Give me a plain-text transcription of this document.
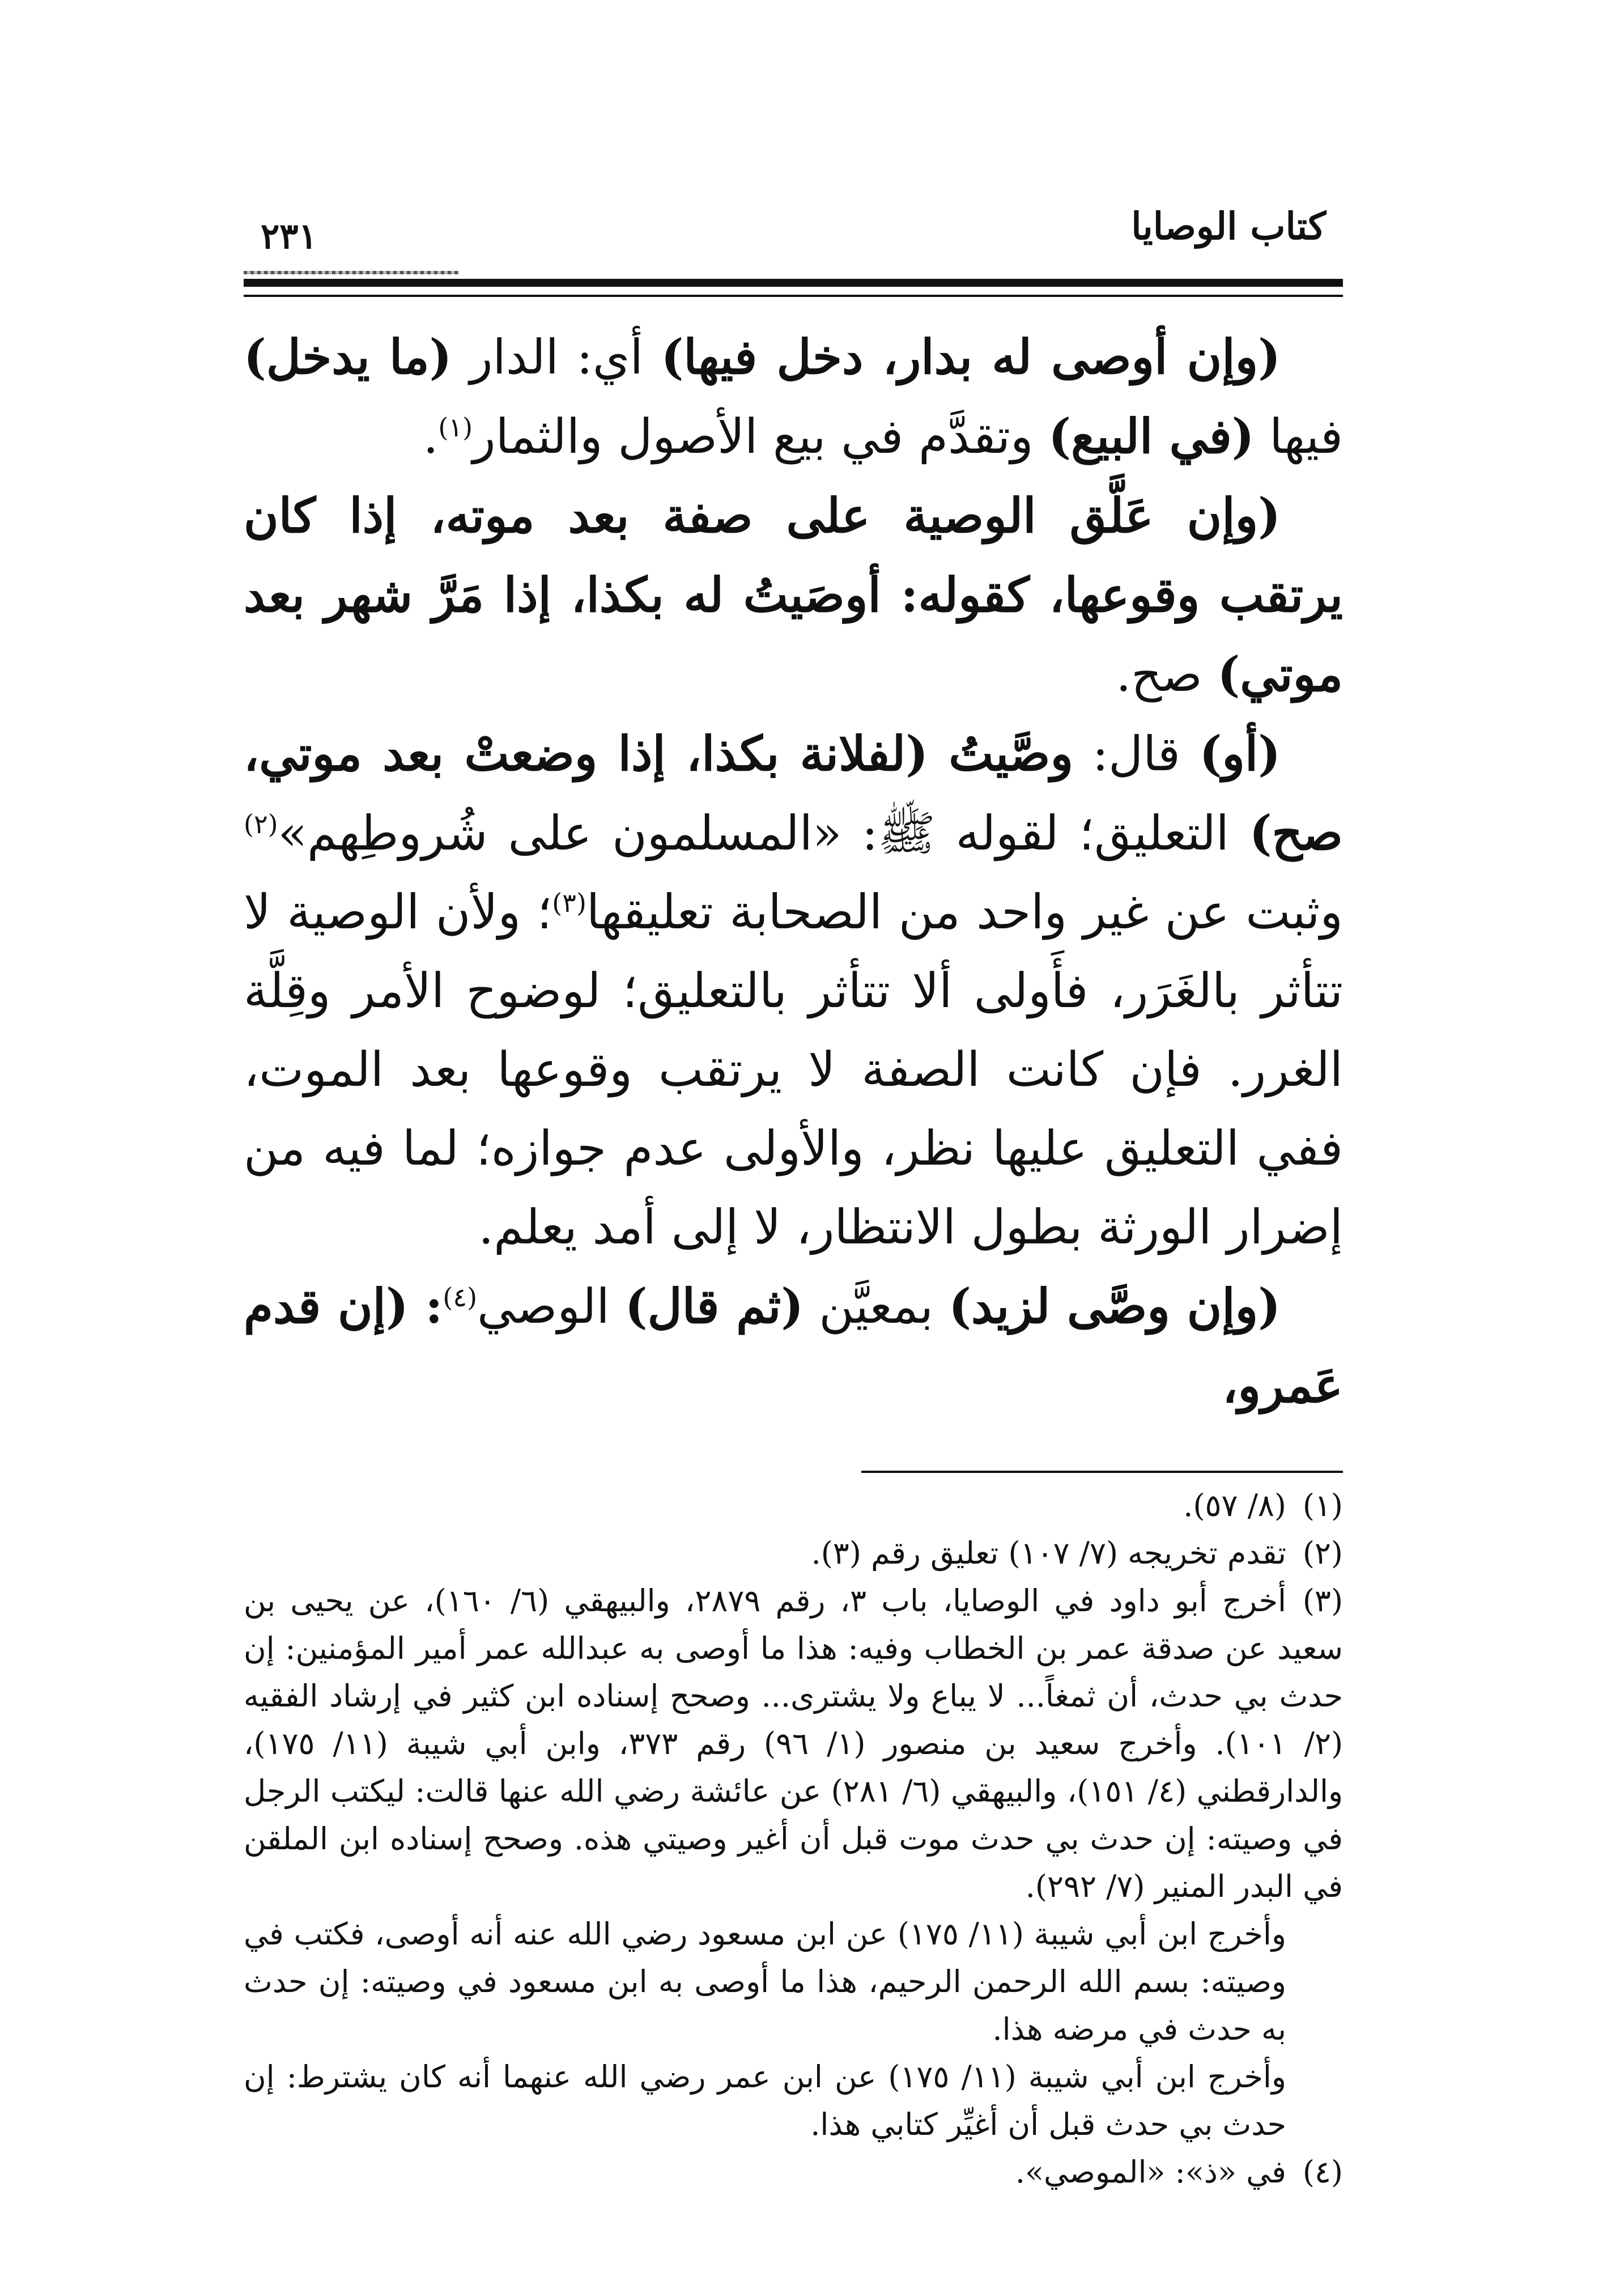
كتاب الوصايا
٢٣١

(وإن أوصى له بدار، دخل فيها) أي: الدار (ما يدخل) فيها (في البيع) وتقدَّم في بيع الأصول والثمار$^{(١)}$.

(وإن عَلَّق الوصية على صفة بعد موته، إذا كان يرتقب وقوعها، كقوله: أوصَيتُ له بكذا، إذا مَرَّ شهر بعد موتي) صح.

(أو) قال: وصَّيتُ (لفلانة بكذا، إذا وضعتْ بعد موتي، صح) التعليق؛ لقوله ﷺ: «المسلمون على شُروطِهم»$^{(٢)}$ وثبت عن غير واحد من الصحابة تعليقها$^{(٣)}$؛ ولأن الوصية لا تتأثر بالغَرَر، فأَولى ألا تتأثر بالتعليق؛ لوضوح الأمر وقِلَّة الغرر. فإن كانت الصفة لا يرتقب وقوعها بعد الموت، ففي التعليق عليها نظر، والأولى عدم جوازه؛ لما فيه من إضرار الورثة بطول الانتظار، لا إلى أمد يعلم.

(وإن وصَّى لزيد) بمعيَّن (ثم قال) الوصي$^{(٤)}$: (إن قدم عَمرو،

(١)(٨/ ٥٧).

(٢)تقدم تخريجه (٧/ ١٠٧) تعليق رقم (٣).

(٣)أخرج أبو داود في الوصايا، باب ٣، رقم ٢٨٧٩، والبيهقي (٦/ ١٦٠)، عن يحيى بن سعيد عن صدقة عمر بن الخطاب وفيه: هذا ما أوصى به عبدالله عمر أمير المؤمنين: إن حدث بي حدث، أن ثمغاً... لا يباع ولا يشترى... وصحح إسناده ابن كثير في إرشاد الفقيه (٢/ ١٠١). وأخرج سعيد بن منصور (١/ ٩٦) رقم ٣٧٣، وابن أبي شيبة (١١/ ١٧٥)، والدارقطني (٤/ ١٥١)، والبيهقي (٦/ ٢٨١) عن عائشة رضي الله عنها قالت: ليكتب الرجل في وصيته: إن حدث بي حدث موت قبل أن أغير وصيتي هذه. وصحح إسناده ابن الملقن في البدر المنير (٧/ ٢٩٢).

وأخرج ابن أبي شيبة (١١/ ١٧٥) عن ابن مسعود رضي الله عنه أنه أوصى، فكتب في وصيته: بسم الله الرحمن الرحيم، هذا ما أوصى به ابن مسعود في وصيته: إن حدث به حدث في مرضه هذا.

وأخرج ابن أبي شيبة (١١/ ١٧٥) عن ابن عمر رضي الله عنهما أنه كان يشترط: إن حدث بي حدث قبل أن أغيِّر كتابي هذا.

(٤)في «ذ»: «الموصي».
